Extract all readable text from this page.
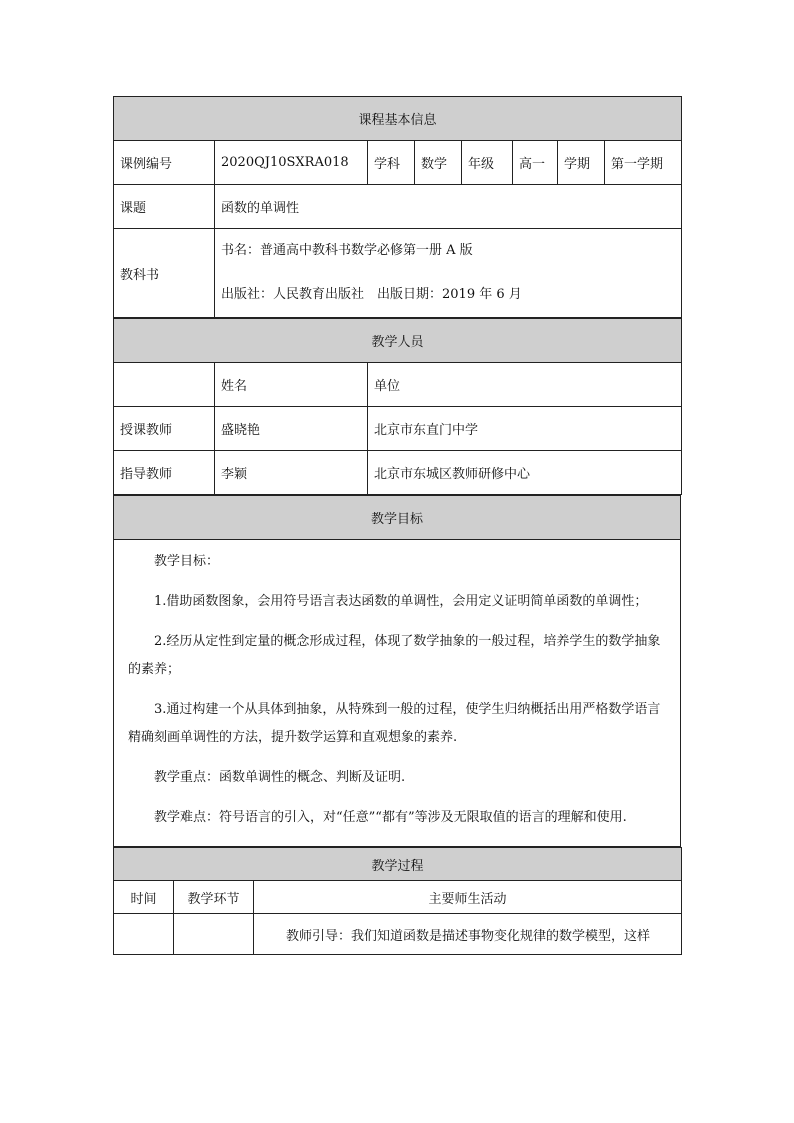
课程基本信息							
课例编号	2020QJ10SXRA018	学科	数学	年级	高一	学期	第一学期
课题	函数的单调性						
教科书	书名：普通高中教科书数学必修第一册 A 版
出版社：人民教育出版社　出版日期：2019 年 6 月						
教学人员		
	姓名	单位
授课教师	盛晓艳	北京市东直门中学
指导教师	李颖	北京市东城区教师研修中心
教学目标

教学目标：

1.借助函数图象，会用符号语言表达函数的单调性，会用定义证明简单函数的单调性；

2.经历从定性到定量的概念形成过程，体现了数学抽象的一般过程，培养学生的数学抽象的素养；

3.通过构建一个从具体到抽象，从特殊到一般的过程，使学生归纳概括出用严格数学语言精确刻画单调性的方法，提升数学运算和直观想象的素养.

教学重点：函数单调性的概念、判断及证明.

教学难点：符号语言的引入，对“任意”“都有”等涉及无限取值的语言的理解和使用.

教学过程		
时间	教学环节	主要师生活动
		教师引导：我们知道函数是描述事物变化规律的数学模型，这样
